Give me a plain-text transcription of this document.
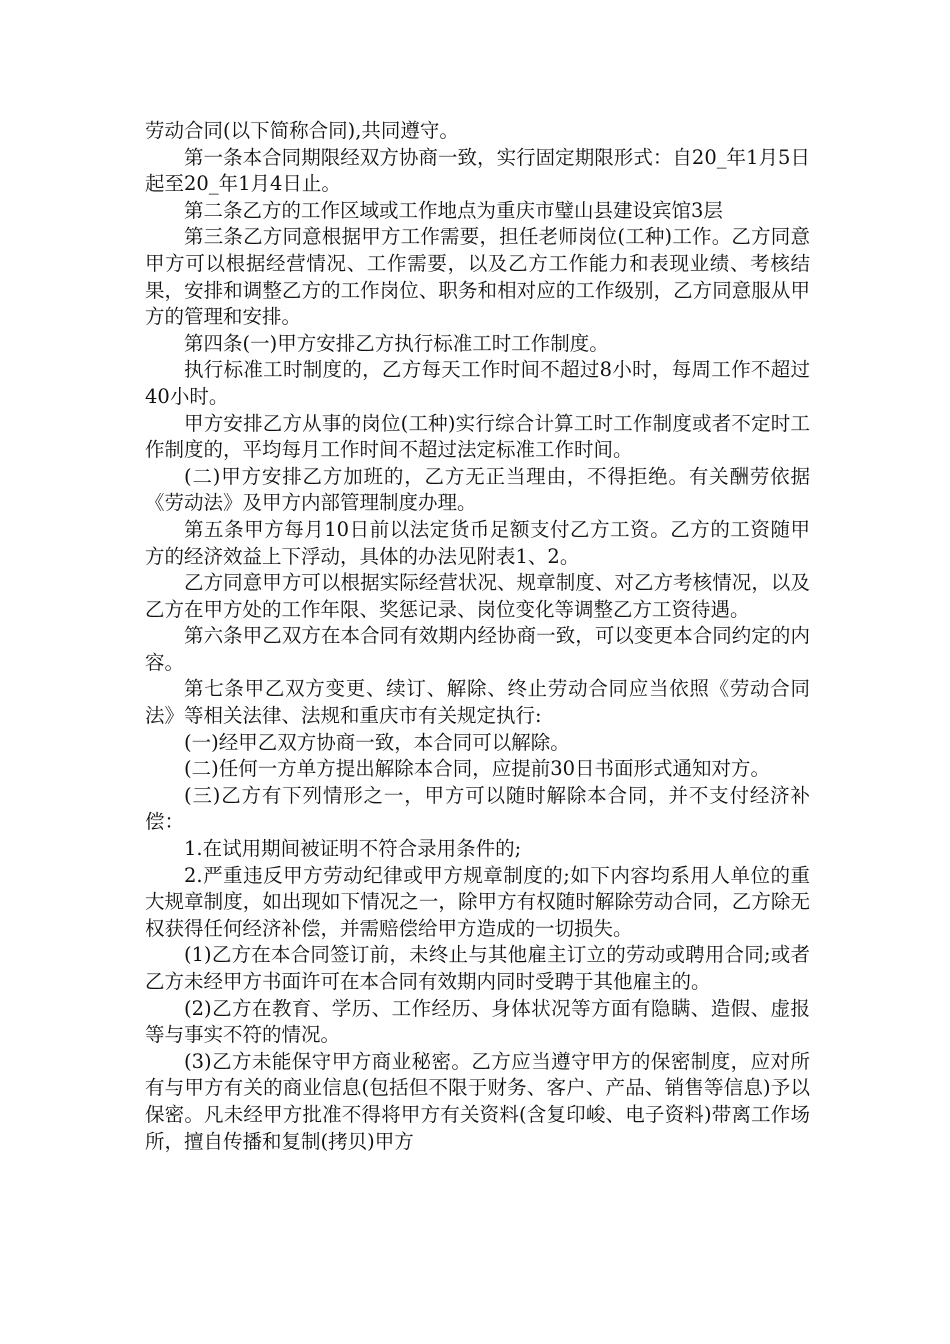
劳动合同(以下简称合同),共同遵守。

第一条本合同期限经双方协商一致，实行固定期限形式：自20_年1月5日起至20_年1月4日止。

第二条乙方的工作区域或工作地点为重庆市璧山县建设宾馆3层

第三条乙方同意根据甲方工作需要，担任老师岗位(工种)工作。乙方同意甲方可以根据经营情况、工作需要，以及乙方工作能力和表现业绩、考核结果，安排和调整乙方的工作岗位、职务和相对应的工作级别，乙方同意服从甲方的管理和安排。

第四条(一)甲方安排乙方执行标准工时工作制度。

执行标准工时制度的，乙方每天工作时间不超过8小时，每周工作不超过40小时。

甲方安排乙方从事的岗位(工种)实行综合计算工时工作制度或者不定时工作制度的，平均每月工作时间不超过法定标准工作时间。

(二)甲方安排乙方加班的，乙方无正当理由，不得拒绝。有关酬劳依据《劳动法》及甲方内部管理制度办理。

第五条甲方每月10日前以法定货币足额支付乙方工资。乙方的工资随甲方的经济效益上下浮动，具体的办法见附表1、2。

乙方同意甲方可以根据实际经营状况、规章制度、对乙方考核情况，以及乙方在甲方处的工作年限、奖惩记录、岗位变化等调整乙方工资待遇。

第六条甲乙双方在本合同有效期内经协商一致，可以变更本合同约定的内容。

第七条甲乙双方变更、续订、解除、终止劳动合同应当依照《劳动合同法》等相关法律、法规和重庆市有关规定执行:

(一)经甲乙双方协商一致，本合同可以解除。

(二)任何一方单方提出解除本合同，应提前30日书面形式通知对方。

(三)乙方有下列情形之一，甲方可以随时解除本合同，并不支付经济补偿：

1.在试用期间被证明不符合录用条件的;

2.严重违反甲方劳动纪律或甲方规章制度的;如下内容均系用人单位的重大规章制度，如出现如下情况之一，除甲方有权随时解除劳动合同，乙方除无权获得任何经济补偿，并需赔偿给甲方造成的一切损失。

(1)乙方在本合同签订前，未终止与其他雇主订立的劳动或聘用合同;或者乙方未经甲方书面许可在本合同有效期内同时受聘于其他雇主的。

(2)乙方在教育、学历、工作经历、身体状况等方面有隐瞒、造假、虚报等与事实不符的情况。

(3)乙方未能保守甲方商业秘密。乙方应当遵守甲方的保密制度，应对所有与甲方有关的商业信息(包括但不限于财务、客户、产品、销售等信息)予以保密。凡未经甲方批准不得将甲方有关资料(含复印峻、电子资料)带离工作场所，擅自传播和复制(拷贝)甲方
